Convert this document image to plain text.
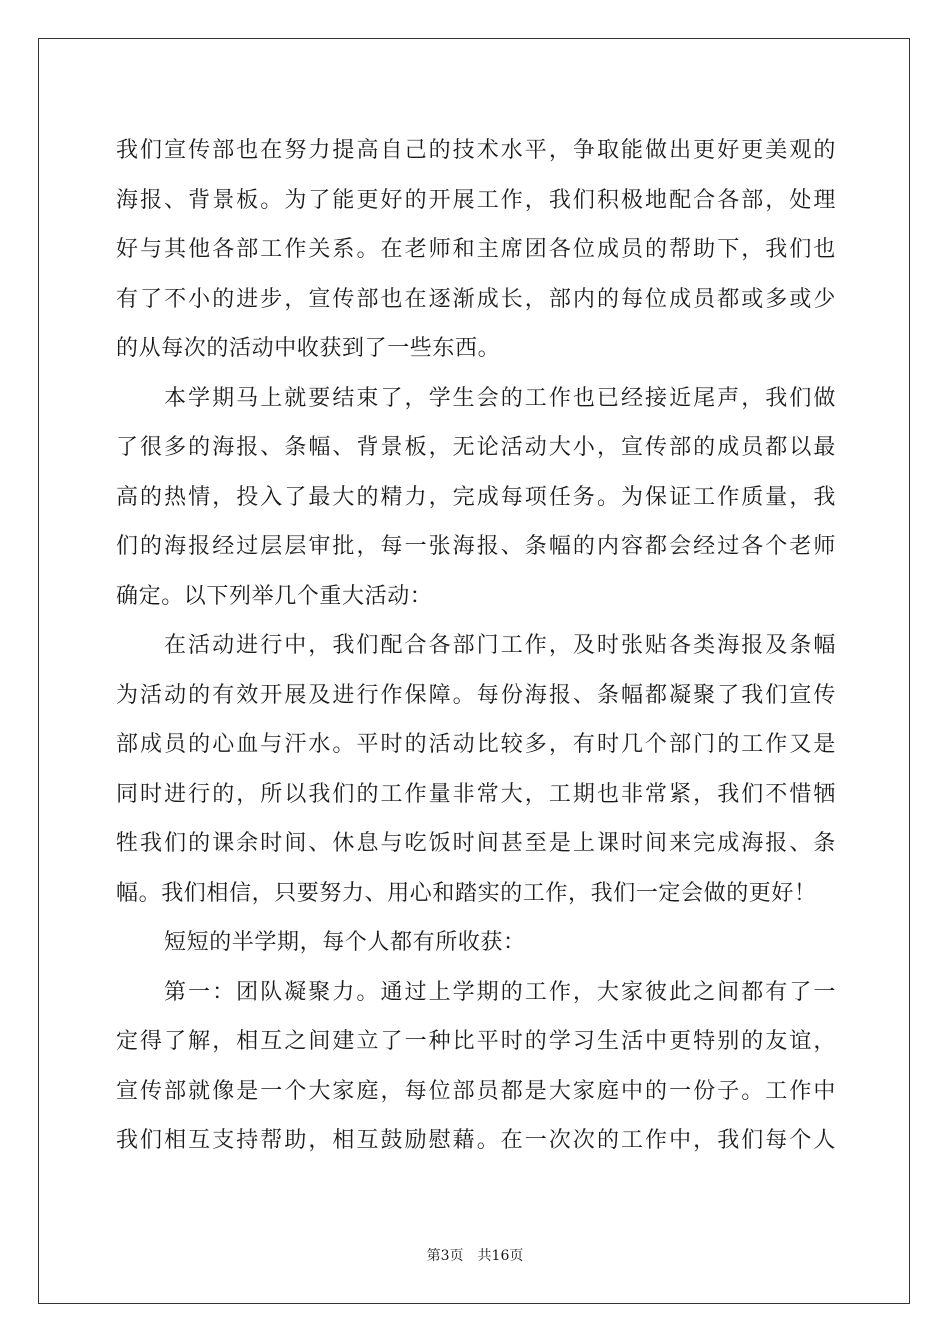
我们宣传部也在努力提高自己的技术水平，争取能做出更好更美观的
海报、背景板。为了能更好的开展工作，我们积极地配合各部，处理
好与其他各部工作关系。在老师和主席团各位成员的帮助下，我们也
有了不小的进步，宣传部也在逐渐成长，部内的每位成员都或多或少
的从每次的活动中收获到了一些东西。
本学期马上就要结束了，学生会的工作也已经接近尾声，我们做
了很多的海报、条幅、背景板，无论活动大小，宣传部的成员都以最
高的热情，投入了最大的精力，完成每项任务。为保证工作质量，我
们的海报经过层层审批，每一张海报、条幅的内容都会经过各个老师
确定。以下列举几个重大活动：
在活动进行中，我们配合各部门工作，及时张贴各类海报及条幅
为活动的有效开展及进行作保障。每份海报、条幅都凝聚了我们宣传
部成员的心血与汗水。平时的活动比较多，有时几个部门的工作又是
同时进行的，所以我们的工作量非常大，工期也非常紧，我们不惜牺
牲我们的课余时间、休息与吃饭时间甚至是上课时间来完成海报、条
幅。我们相信，只要努力、用心和踏实的工作，我们一定会做的更好！
短短的半学期，每个人都有所收获：
第一：团队凝聚力。通过上学期的工作，大家彼此之间都有了一
定得了解，相互之间建立了一种比平时的学习生活中更特别的友谊，
宣传部就像是一个大家庭，每位部员都是大家庭中的一份子。工作中
我们相互支持帮助，相互鼓励慰藉。在一次次的工作中，我们每个人
第3页 共16页
